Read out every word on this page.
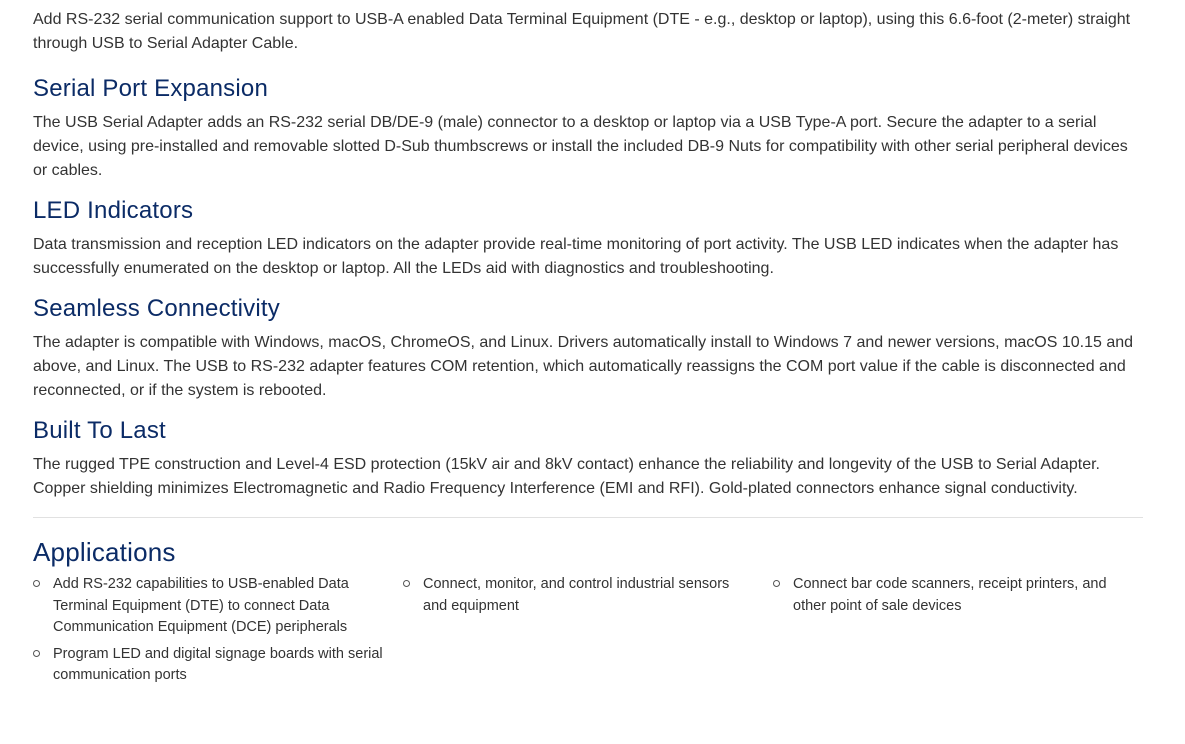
Add RS-232 serial communication support to USB-A enabled Data Terminal Equipment (DTE - e.g., desktop or laptop), using this 6.6-foot (2-meter) straight through USB to Serial Adapter Cable.

Serial Port Expansion

The USB Serial Adapter adds an RS-232 serial DB/DE-9 (male) connector to a desktop or laptop via a USB Type-A port. Secure the adapter to a serial device, using pre-installed and removable slotted D-Sub thumbscrews or install the included DB-9 Nuts for compatibility with other serial peripheral devices or cables.

LED Indicators

Data transmission and reception LED indicators on the adapter provide real-time monitoring of port activity. The USB LED indicates when the adapter has successfully enumerated on the desktop or laptop. All the LEDs aid with diagnostics and troubleshooting.

Seamless Connectivity

The adapter is compatible with Windows, macOS, ChromeOS, and Linux. Drivers automatically install to Windows 7 and newer versions, macOS 10.15 and above, and Linux. The USB to RS-232 adapter features COM retention, which automatically reassigns the COM port value if the cable is disconnected and reconnected, or if the system is rebooted.

Built To Last

The rugged TPE construction and Level-4 ESD protection (15kV air and 8kV contact) enhance the reliability and longevity of the USB to Serial Adapter. Copper shielding minimizes Electromagnetic and Radio Frequency Interference (EMI and RFI). Gold-plated connectors enhance signal conductivity.

Applications
Add RS-232 capabilities to USB-enabled Data Terminal Equipment (DTE) to connect Data Communication Equipment (DCE) peripherals
Connect, monitor, and control industrial sensors and equipment
Connect bar code scanners, receipt printers, and other point of sale devices
Program LED and digital signage boards with serial communication ports
